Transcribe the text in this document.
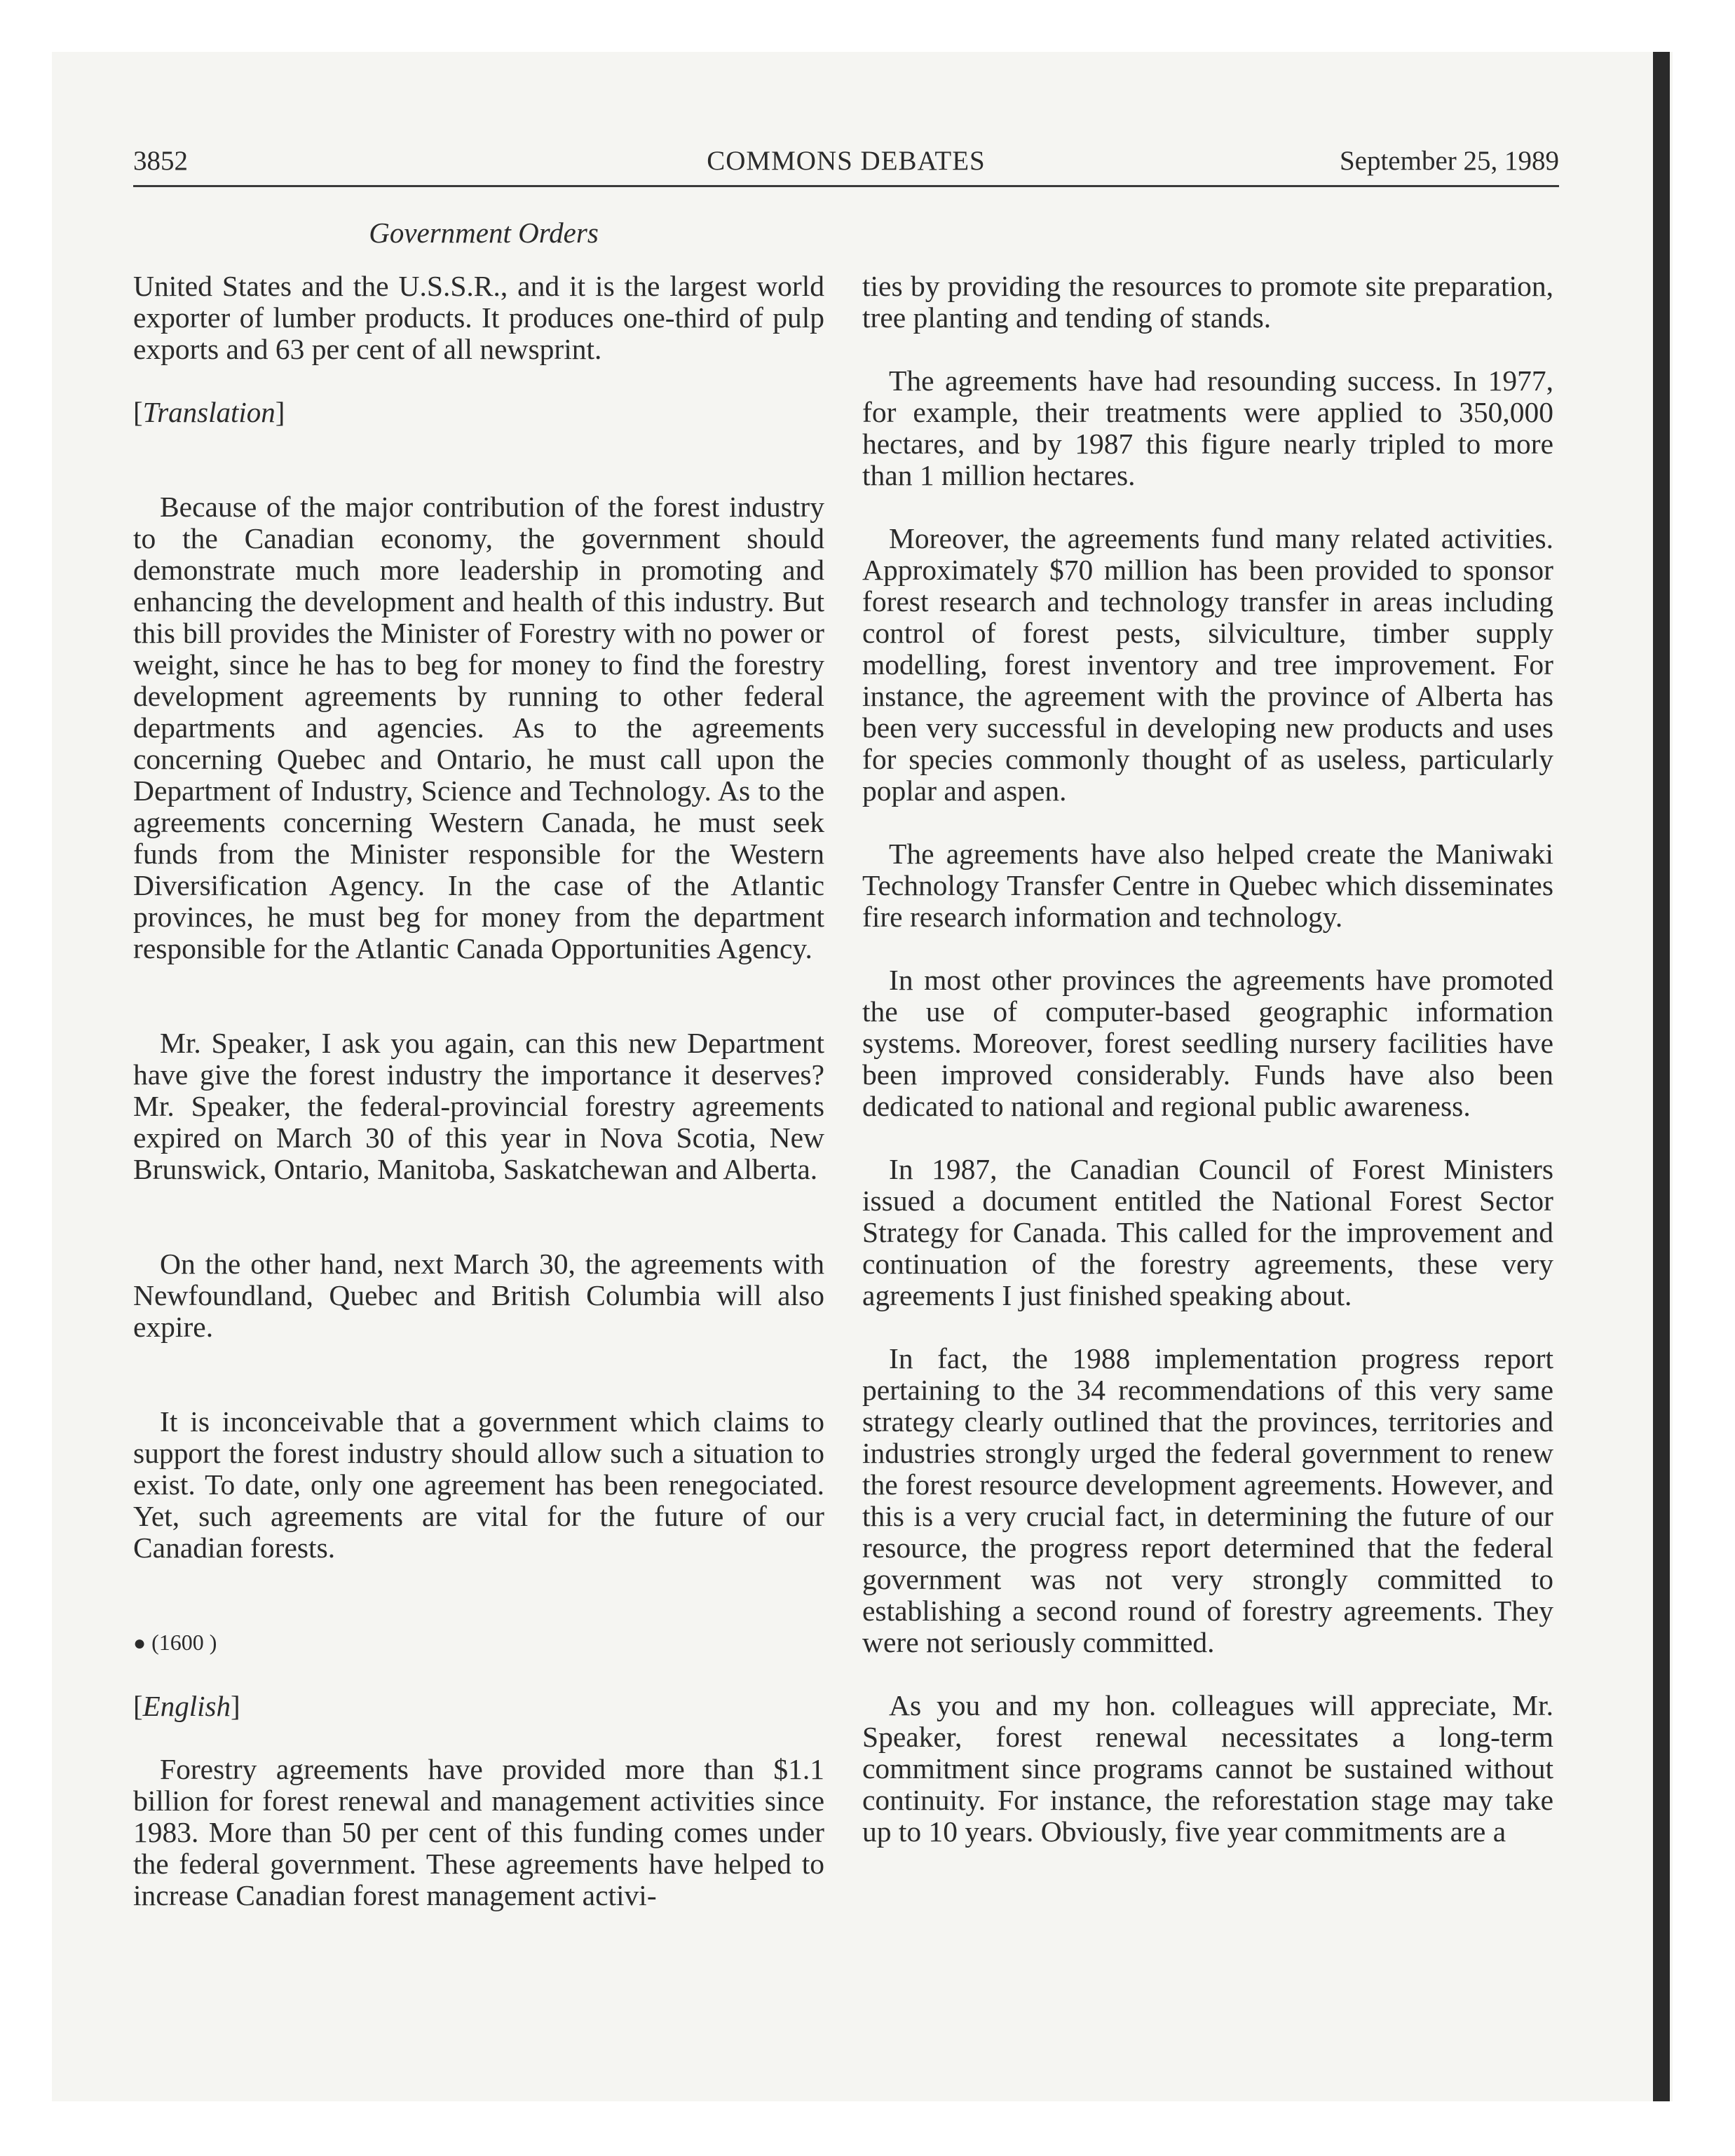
3852	COMMONS DEBATES	September 25, 1989
Government Orders

United States and the U.S.S.R., and it is the largest world exporter of lumber products. It produces one-third of pulp exports and 63 per cent of all newsprint.

[Translation]

Because of the major contribution of the forest industry to the Canadian economy, the government should demonstrate much more leadership in promoting and enhancing the development and health of this industry. But this bill provides the Minister of Forestry with no power or weight, since he has to beg for money to find the forestry development agreements by running to other federal departments and agencies. As to the agreements concerning Quebec and Ontario, he must call upon the Department of Industry, Science and Technology. As to the agreements concerning Western Canada, he must seek funds from the Minister responsible for the Western Diversification Agency. In the case of the Atlantic provinces, he must beg for money from the department responsible for the Atlantic Canada Opportunities Agency.

Mr. Speaker, I ask you again, can this new Department have give the forest industry the importance it deserves? Mr. Speaker, the federal-provincial forestry agreements expired on March 30 of this year in Nova Scotia, New Brunswick, Ontario, Manitoba, Saskatchewan and Alberta.

On the other hand, next March 30, the agreements with Newfoundland, Quebec and British Columbia will also expire.

It is inconceivable that a government which claims to support the forest industry should allow such a situation to exist. To date, only one agreement has been renegociated. Yet, such agreements are vital for the future of our Canadian forests.

● (1600 )

[English]

Forestry agreements have provided more than $1.1 billion for forest renewal and management activities since 1983. More than 50 per cent of this funding comes under the federal government. These agreements have helped to increase Canadian forest management activi-

ties by providing the resources to promote site preparation, tree planting and tending of stands.

The agreements have had resounding success. In 1977, for example, their treatments were applied to 350,000 hectares, and by 1987 this figure nearly tripled to more than 1 million hectares.

Moreover, the agreements fund many related activities. Approximately $70 million has been provided to sponsor forest research and technology transfer in areas including control of forest pests, silviculture, timber supply modelling, forest inventory and tree improvement. For instance, the agreement with the province of Alberta has been very successful in developing new products and uses for species commonly thought of as useless, particularly poplar and aspen.

The agreements have also helped create the Maniwaki Technology Transfer Centre in Quebec which disseminates fire research information and technology.

In most other provinces the agreements have promoted the use of computer-based geographic information systems. Moreover, forest seedling nursery facilities have been improved considerably. Funds have also been dedicated to national and regional public awareness.

In 1987, the Canadian Council of Forest Ministers issued a document entitled the National Forest Sector Strategy for Canada. This called for the improvement and continuation of the forestry agreements, these very agreements I just finished speaking about.

In fact, the 1988 implementation progress report pertaining to the 34 recommendations of this very same strategy clearly outlined that the provinces, territories and industries strongly urged the federal government to renew the forest resource development agreements. However, and this is a very crucial fact, in determining the future of our resource, the progress report determined that the federal government was not very strongly committed to establishing a second round of forestry agreements. They were not seriously committed.

As you and my hon. colleagues will appreciate, Mr. Speaker, forest renewal necessitates a long-term commitment since programs cannot be sustained without continuity. For instance, the reforestation stage may take up to 10 years. Obviously, five year commitments are a
